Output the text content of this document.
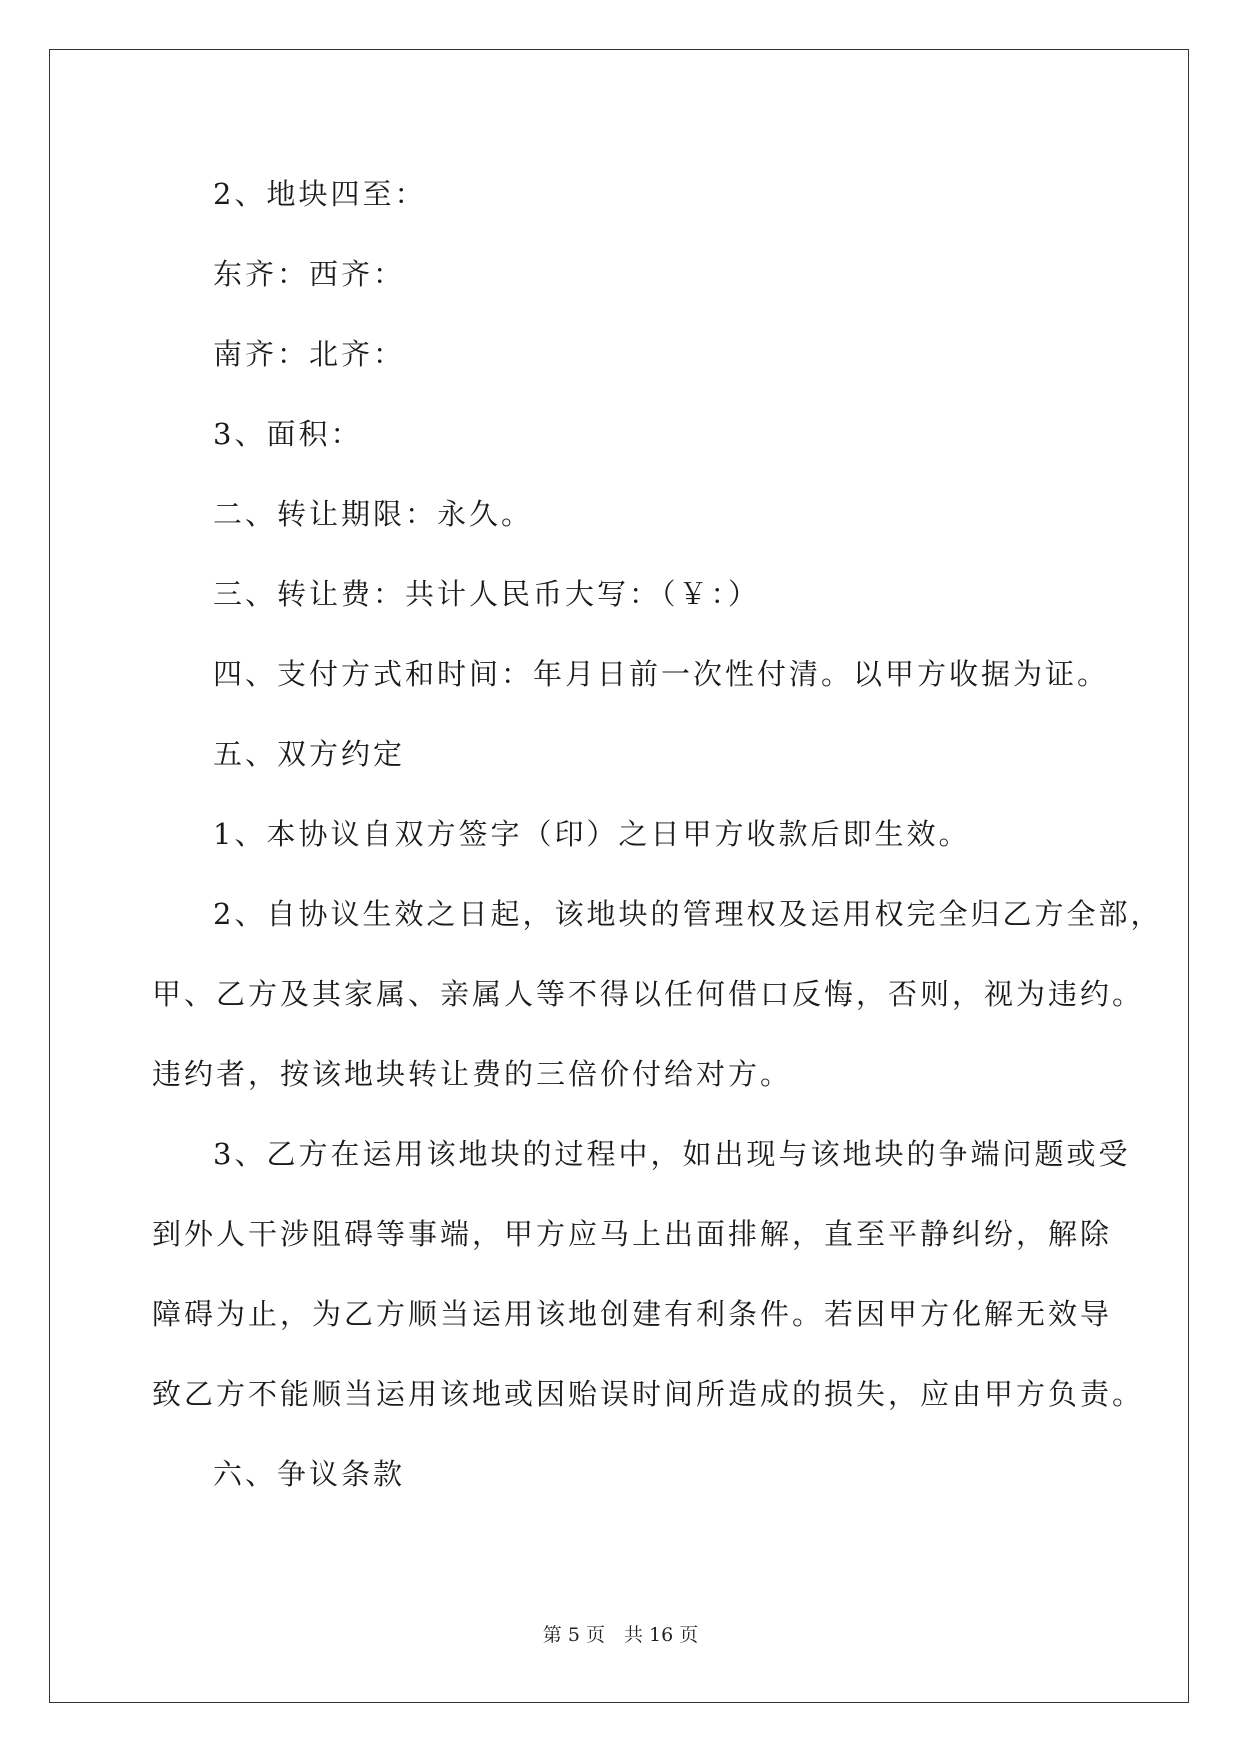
2、地块四至：
东齐：西齐：
南齐：北齐：
3、面积：
二、转让期限：永久。
三、转让费：共计人民币大写：（￥：）
四、支付方式和时间：年月日前一次性付清。以甲方收据为证。
五、双方约定
1、本协议自双方签字（印）之日甲方收款后即生效。
2、自协议生效之日起，该地块的管理权及运用权完全归乙方全部，
甲、乙方及其家属、亲属人等不得以任何借口反悔，否则，视为违约。
违约者，按该地块转让费的三倍价付给对方。
3、乙方在运用该地块的过程中，如出现与该地块的争端问题或受
到外人干涉阻碍等事端，甲方应马上出面排解，直至平静纠纷，解除
障碍为止，为乙方顺当运用该地创建有利条件。若因甲方化解无效导
致乙方不能顺当运用该地或因贻误时间所造成的损失，应由甲方负责。
六、争议条款
第 5 页　共 16 页
